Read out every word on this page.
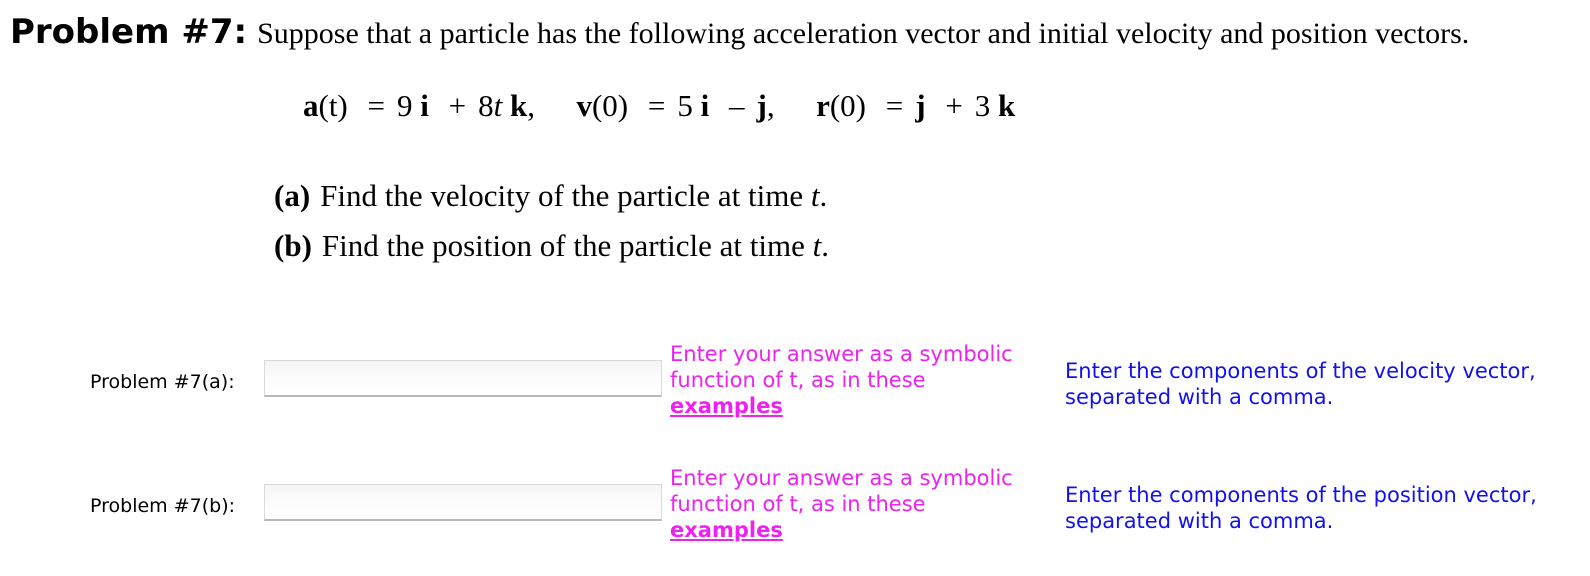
Problem #7: Suppose that a particle has the following acceleration vector and initial velocity and position vectors.
a(t) = 9 i + 8t k, v(0) = 5 i – j, r(0) = j + 3 k
(a) Find the velocity of the particle at time t.
(b) Find the position of the particle at time t.
Problem #7(a):
Enter your answer as a symbolic function of t, as in these examples
Enter the components of the velocity vector, separated with a comma.
Problem #7(b):
Enter your answer as a symbolic function of t, as in these examples
Enter the components of the position vector, separated with a comma.
